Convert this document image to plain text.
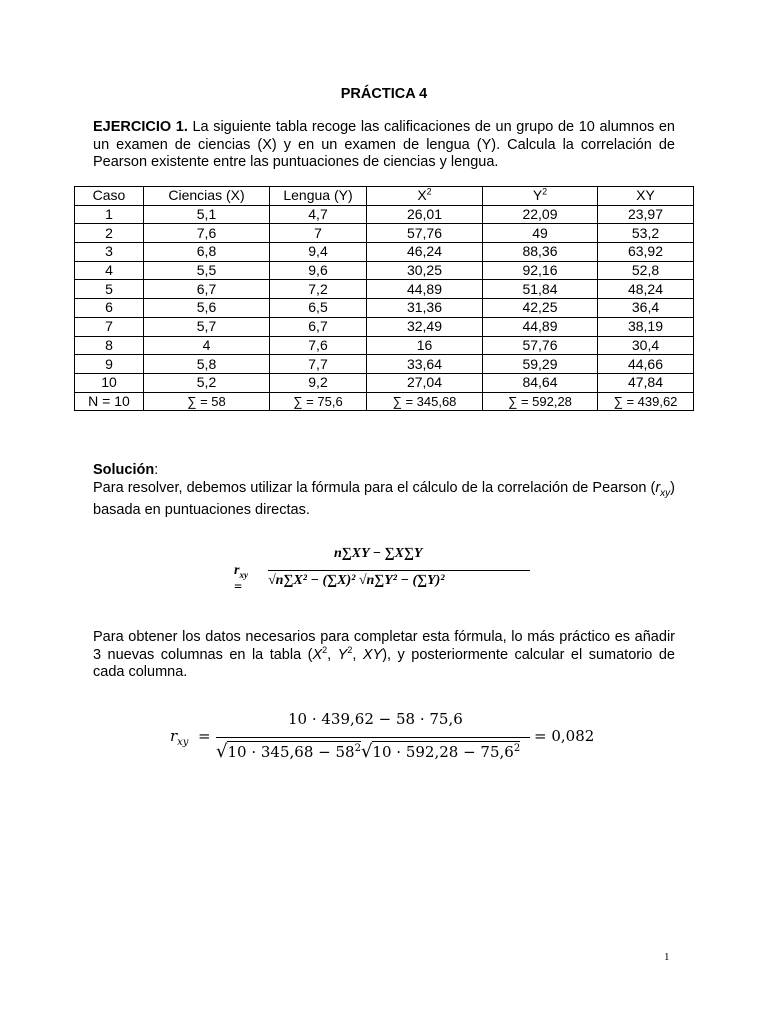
PRÁCTICA 4
EJERCICIO 1. La siguiente tabla recoge las calificaciones de un grupo de 10 alumnos en un examen de ciencias (X) y en un examen de lengua (Y). Calcula la correlación de Pearson existente entre las puntuaciones de ciencias y lengua.
Caso	Ciencias (X)	Lengua (Y)	$X^2$	$Y^2$	XY
1	5,1	4,7	26,01	22,09	23,97
2	7,6	7	57,76	49	53,2
3	6,8	9,4	46,24	88,36	63,92
4	5,5	9,6	30,25	92,16	52,8
5	6,7	7,2	44,89	51,84	48,24
6	5,6	6,5	31,36	42,25	36,4
7	5,7	6,7	32,49	44,89	38,19
8	4	7,6	16	57,76	30,4
9	5,8	7,7	33,64	59,29	44,66
10	5,2	9,2	27,04	84,64	47,84
N = 10	∑ = 58	∑ = 75,6	∑ = 345,68	∑ = 592,28	∑ = 439,62
Solución:
Para resolver, debemos utilizar la fórmula para el cálculo de la correlación de Pearson $(r_{xy})$ basada en puntuaciones directas.
$r_{xy}$ =
n∑XY − ∑X∑Y
√n∑X² − (∑X)² √n∑Y² − (∑Y)²
Para obtener los datos necesarios para completar esta fórmula, lo más práctico es añadir 3 nuevas columnas en la tabla ($X^2$, $Y^2$, XY), y posteriormente calcular el sumatorio de cada columna.
$r_{xy}$ =
10 · 439,62 − 58 · 75,6
$√10 \cdot 345,68 - 58^2√10 \cdot 592,28 - 75,6^2$
= 0,082
1
